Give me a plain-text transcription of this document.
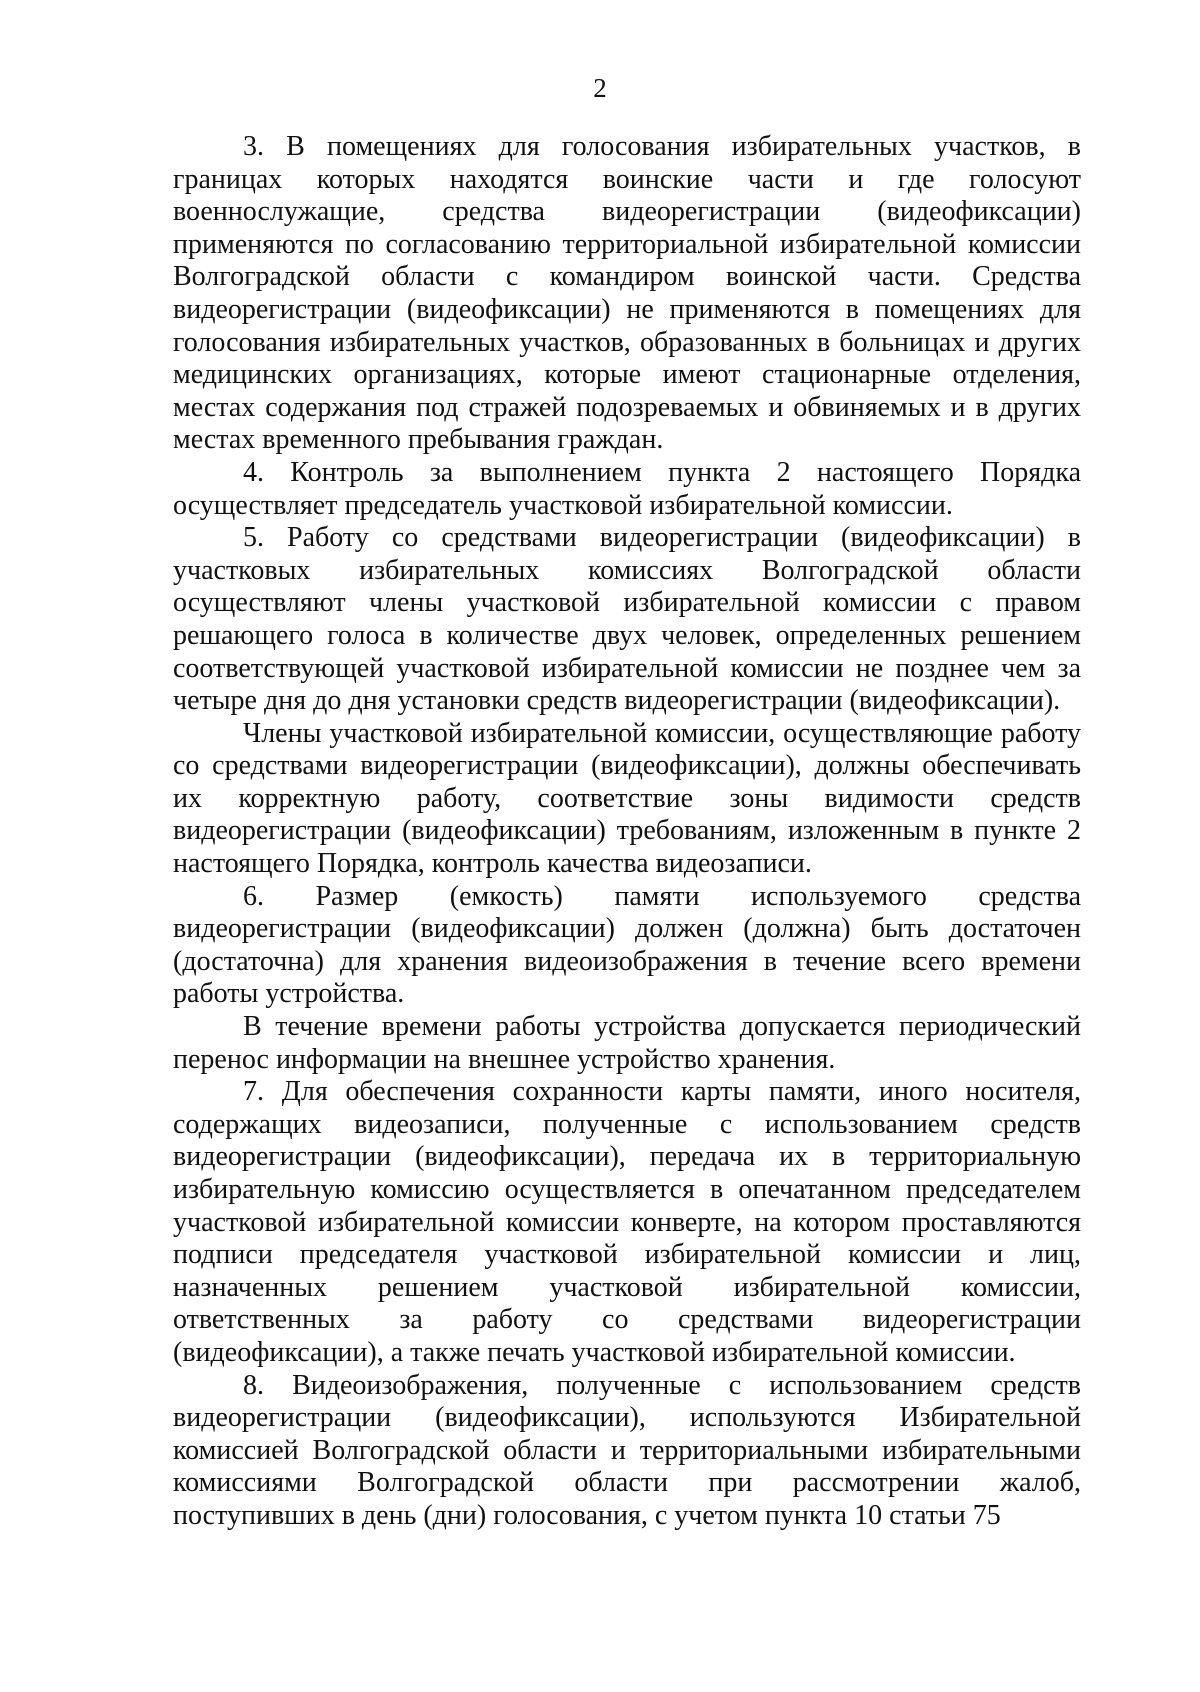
2

3. В помещениях для голосования избирательных участков, в границах которых находятся воинские части и где голосуют военнослужащие, средства видеорегистрации (видеофиксации) применяются по согласованию территориальной избирательной комиссии Волгоградской области с командиром воинской части. Средства видеорегистрации (видеофиксации) не применяются в помещениях для голосования избирательных участков, образованных в больницах и других медицинских организациях, которые имеют стационарные отделения, местах содержания под стражей подозреваемых и обвиняемых и в других местах временного пребывания граждан.

4. Контроль за выполнением пункта 2 настоящего Порядка осуществляет председатель участковой избирательной комиссии.

5. Работу со средствами видеорегистрации (видеофиксации) в участковых избирательных комиссиях Волгоградской области осуществляют члены участковой избирательной комиссии с правом решающего голоса в количестве двух человек, определенных решением соответствующей участковой избирательной комиссии не позднее чем за четыре дня до дня установки средств видеорегистрации (видеофиксации).

Члены участковой избирательной комиссии, осуществляющие работу со средствами видеорегистрации (видеофиксации), должны обеспечивать их корректную работу, соответствие зоны видимости средств видеорегистрации (видеофиксации) требованиям, изложенным в пункте 2 настоящего Порядка, контроль качества видеозаписи.

6. Размер (емкость) памяти используемого средства видеорегистрации (видеофиксации) должен (должна) быть достаточен (достаточна) для хранения видеоизображения в течение всего времени работы устройства.

В течение времени работы устройства допускается периодический перенос информации на внешнее устройство хранения.

7. Для обеспечения сохранности карты памяти, иного носителя, содержащих видеозаписи, полученные с использованием средств видеорегистрации (видеофиксации), передача их в территориальную избирательную комиссию осуществляется в опечатанном председателем участковой избирательной комиссии конверте, на котором проставляются подписи председателя участковой избирательной комиссии и лиц, назначенных решением участковой избирательной комиссии, ответственных за работу со средствами видеорегистрации (видеофиксации), а также печать участковой избирательной комиссии.

8. Видеоизображения, полученные с использованием средств видеорегистрации (видеофиксации), используются Избирательной комиссией Волгоградской области и территориальными избирательными комиссиями Волгоградской области при рассмотрении жалоб, поступивших в день (дни) голосования, с учетом пункта 10 статьи 75
